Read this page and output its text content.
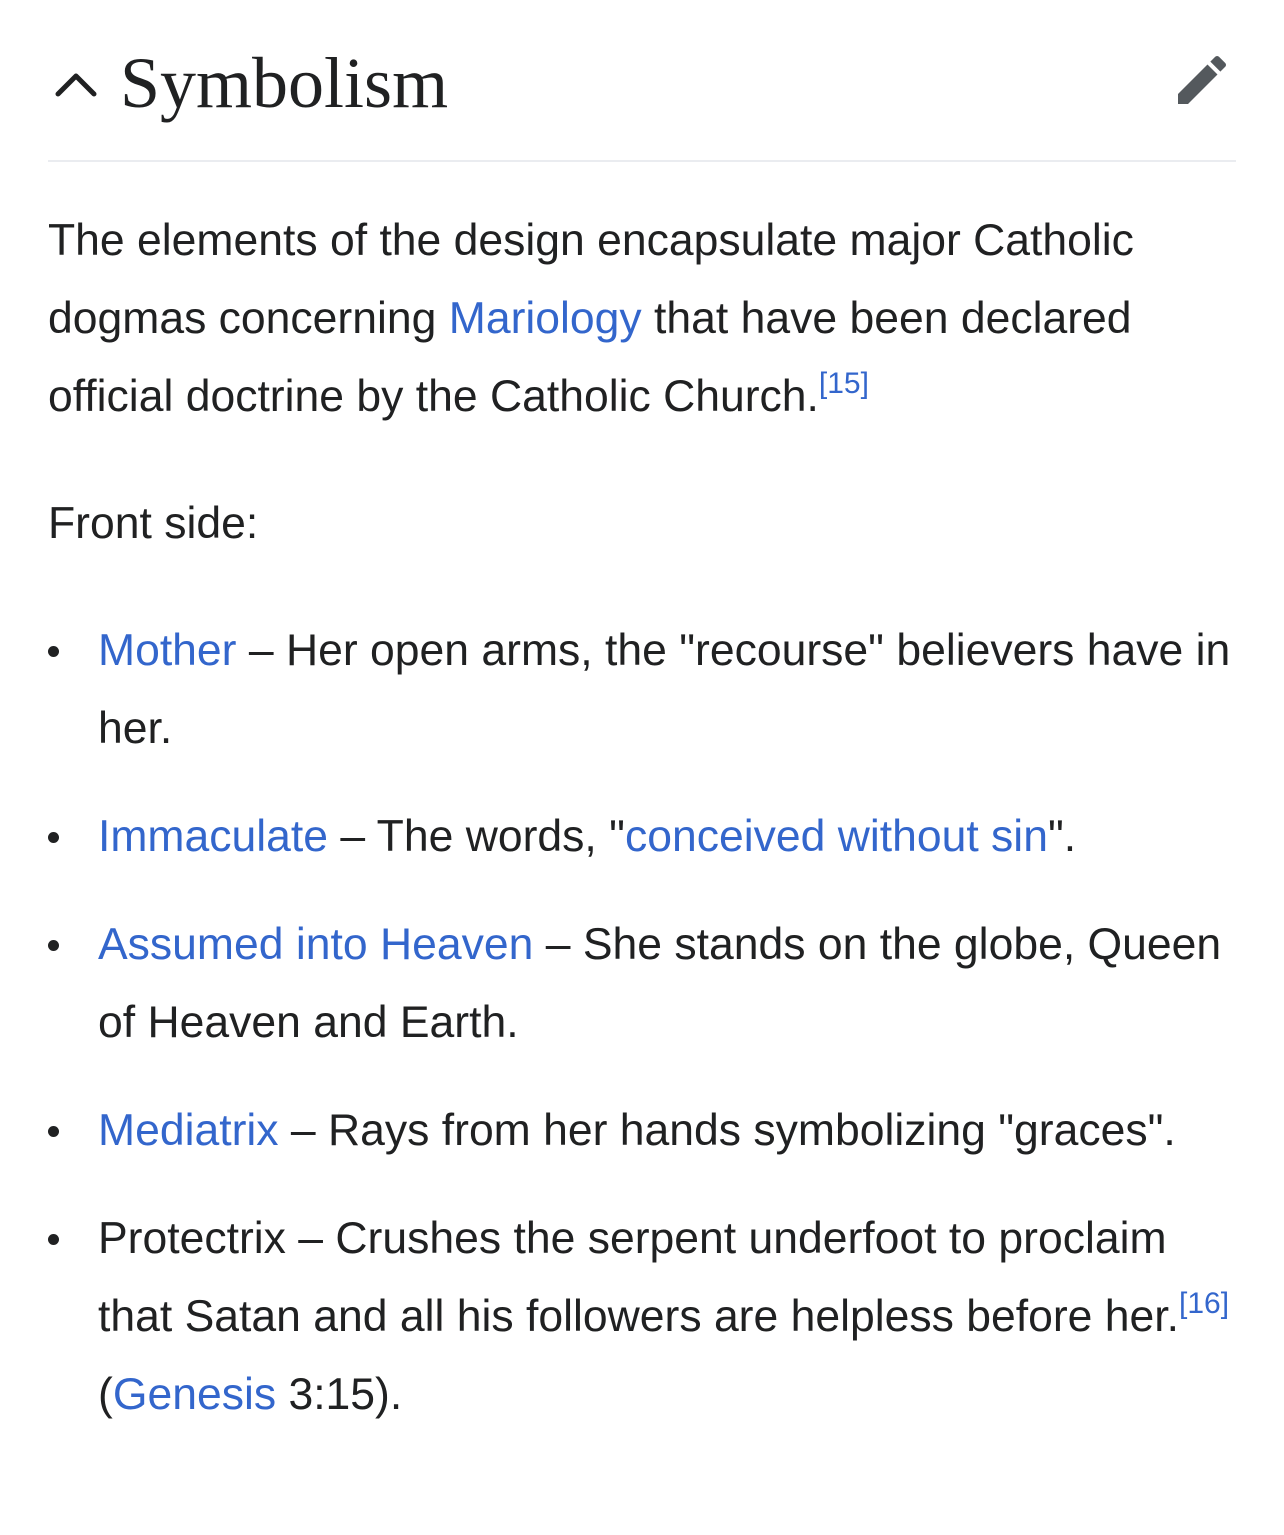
Symbolism

The elements of the design encapsulate major Catholic dogmas concerning Mariology that have been declared official doctrine by the Catholic Church.[15]

Front side:

Mother – Her open arms, the "recourse" believers have in her.
Immaculate – The words, "conceived without sin".
Assumed into Heaven – She stands on the globe, Queen of Heaven and Earth.
Mediatrix – Rays from her hands symbolizing "graces".
Protectrix – Crushes the serpent underfoot to proclaim that Satan and all his followers are helpless before her.[16] (Genesis 3:15).
